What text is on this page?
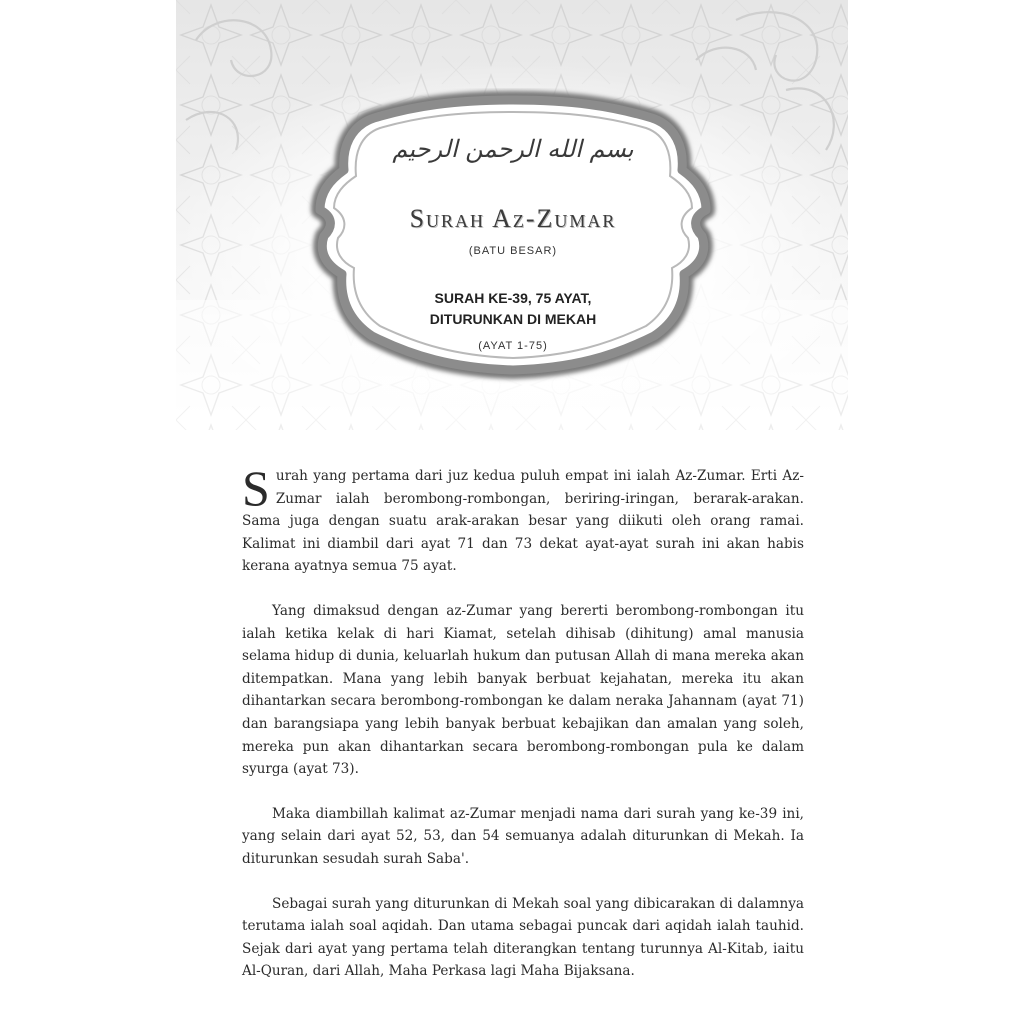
بسم الله الرحمن الرحيم
Surah Az-Zumar
(BATU BESAR)
SURAH KE-39, 75 AYAT,
DITURUNKAN DI MEKAH
(AYAT 1-75)

S urah yang pertama dari juz kedua puluh empat ini ialah Az-Zumar. Erti Az-Zumar ialah berombong-rombongan, beriring-iringan, berarak-arakan. Sama juga dengan suatu arak-arakan besar yang diikuti oleh orang ramai. Kalimat ini diambil dari ayat 71 dan 73 dekat ayat-ayat surah ini akan habis kerana ayatnya semua 75 ayat.

Yang dimaksud dengan az-Zumar yang bererti berombong-rombongan itu ialah ketika kelak di hari Kiamat, setelah dihisab (dihitung) amal manusia selama hidup di dunia, keluarlah hukum dan putusan Allah di mana mereka akan ditempatkan. Mana yang lebih banyak berbuat kejahatan, mereka itu akan dihantarkan secara berombong-rombongan ke dalam neraka Jahannam (ayat 71) dan barangsiapa yang lebih banyak berbuat kebajikan dan amalan yang soleh, mereka pun akan dihantarkan secara berombong-rombongan pula ke dalam syurga (ayat 73).

Maka diambillah kalimat az-Zumar menjadi nama dari surah yang ke-39 ini, yang selain dari ayat 52, 53, dan 54 semuanya adalah diturunkan di Mekah. Ia diturunkan sesudah surah Saba'.

Sebagai surah yang diturunkan di Mekah soal yang dibicarakan di dalamnya terutama ialah soal aqidah. Dan utama sebagai puncak dari aqidah ialah tauhid. Sejak dari ayat yang pertama telah diterangkan tentang turunnya Al-Kitab, iaitu Al-Quran, dari Allah, Maha Perkasa lagi Maha Bijaksana.
